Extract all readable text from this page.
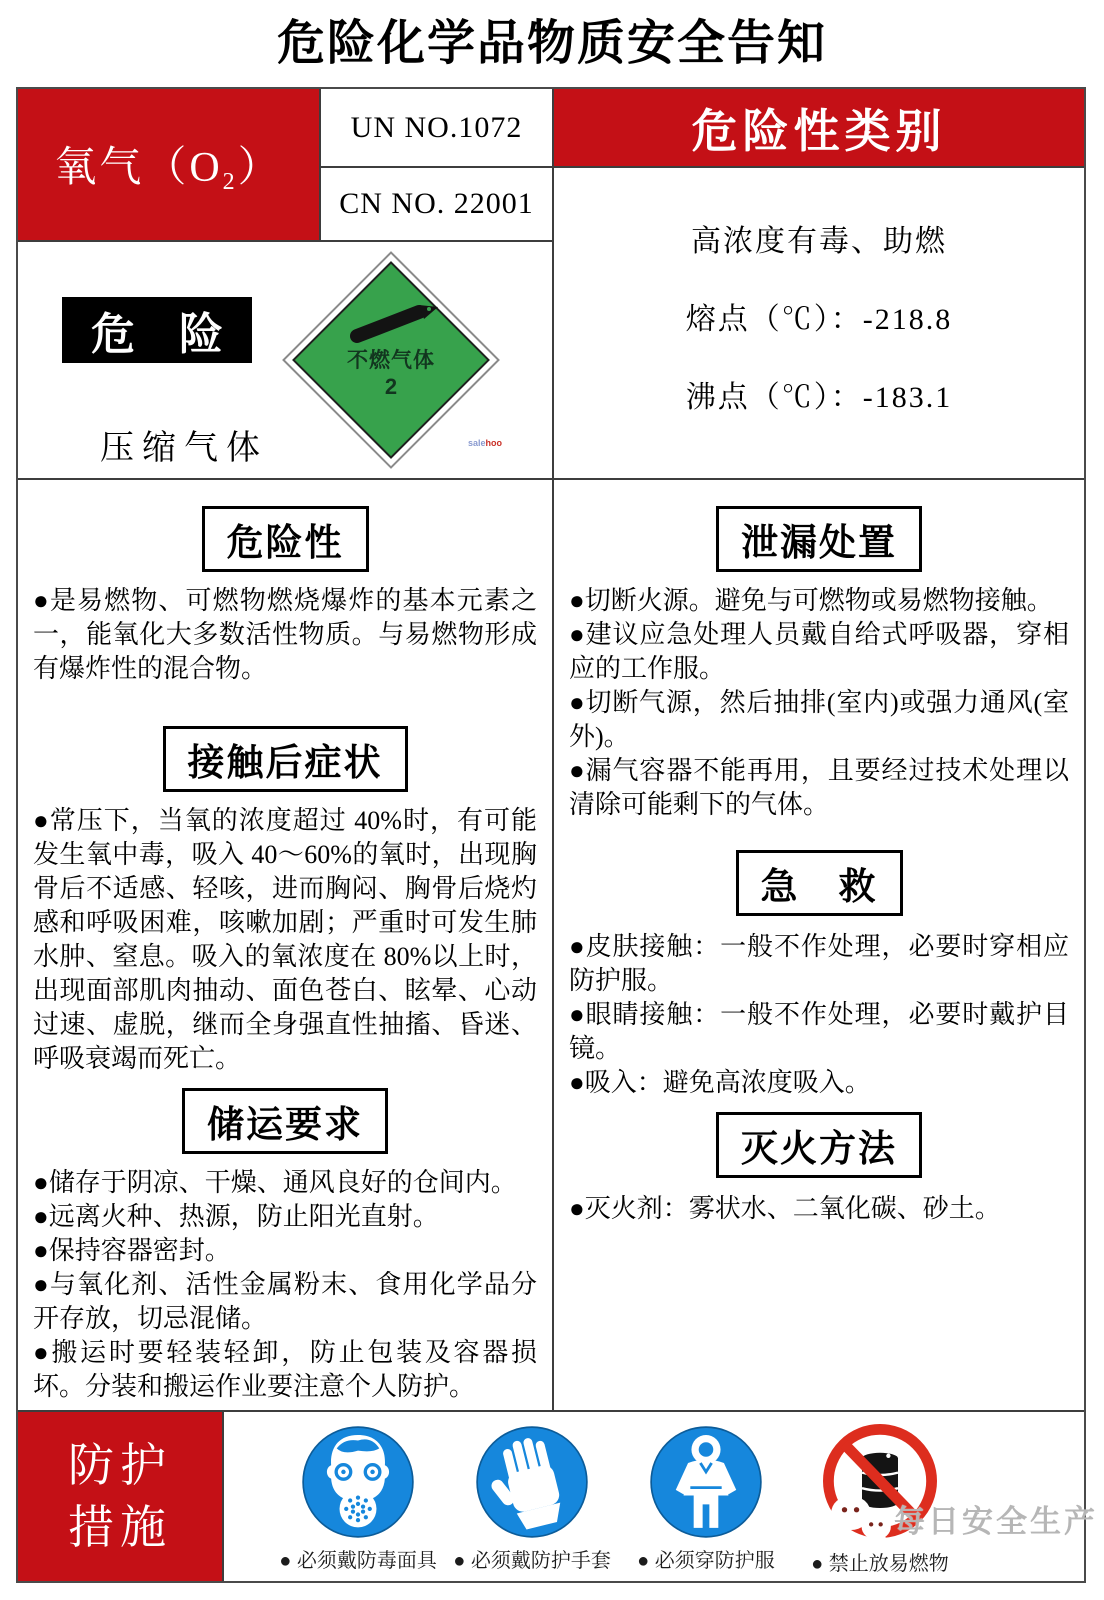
危险化学品物质安全告知
氧气$(O_2)$
UN NO.1072
CN NO. 22001
危险性类别
高浓度有毒、助燃
熔点（℃）：-218.8
沸点（℃）：-183.1
危　险
压缩气体
不燃气体
2
salehoo
危险性

●是易燃物、可燃物燃烧爆炸的基本元素之一，能氧化大多数活性物质。与易燃物形成有爆炸性的混合物。

接触后症状

●常压下，当氧的浓度超过 40%时，有可能发生氧中毒，吸入 40～60%的氧时，出现胸骨后不适感、轻咳，进而胸闷、胸骨后烧灼感和呼吸困难，咳嗽加剧；严重时可发生肺水肿、窒息。吸入的氧浓度在 80%以上时，出现面部肌肉抽动、面色苍白、眩晕、心动过速、虚脱，继而全身强直性抽搐、昏迷、呼吸衰竭而死亡。

储运要求

●储存于阴凉、干燥、通风良好的仓间内。

●远离火种、热源，防止阳光直射。

●保持容器密封。

●与氧化剂、活性金属粉末、食用化学品分开存放，切忌混储。

●搬运时要轻装轻卸，防止包装及容器损坏。分装和搬运作业要注意个人防护。

泄漏处置

●切断火源。避免与可燃物或易燃物接触。

●建议应急处理人员戴自给式呼吸器，穿相应的工作服。

●切断气源，然后抽排(室内)或强力通风(室外)。

●漏气容器不能再用，且要经过技术处理以清除可能剩下的气体。

急　救

●皮肤接触：一般不作处理，必要时穿相应防护服。

●眼睛接触：一般不作处理，必要时戴护目镜。

●吸入：避免高浓度吸入。

灭火方法

●灭火剂：雾状水、二氧化碳、砂土。

防护
措施
● 必须戴防毒面具 ● 必须戴防护手套 ● 必须穿防护服 ● 禁止放易燃物
每日安全生产
